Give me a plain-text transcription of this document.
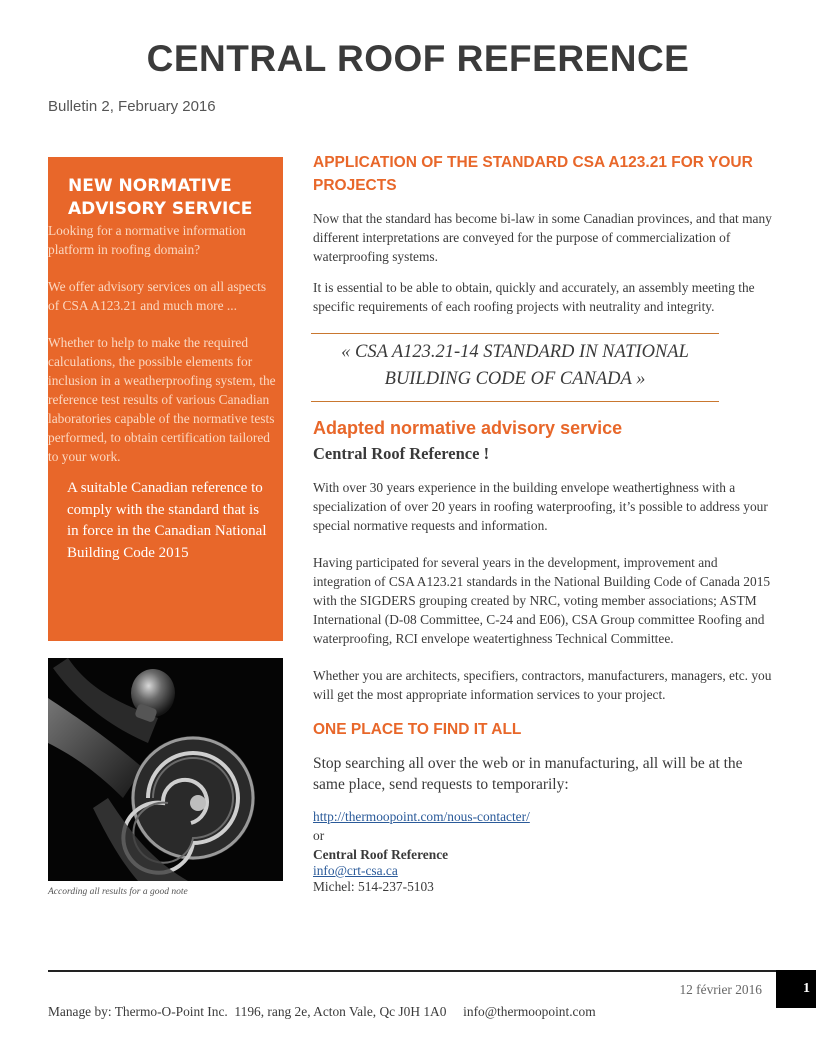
CENTRAL ROOF REFERENCE
Bulletin 2, February 2016
NEW NORMATIVE
ADVISORY SERVICE

Looking for a normative information platform in roofing domain?

We offer advisory services on all aspects of CSA A123.21 and much more ...

Whether to help to make the required calculations, the possible elements for inclusion in a weatherproofing system, the reference test results of various Canadian laboratories capable of the normative tests performed, to obtain certification tailored to your work.

A suitable Canadian reference to comply with the standard that is in force in the Canadian National Building Code 2015
According all results for a good note
APPLICATION OF THE STANDARD CSA A123.21 FOR YOUR PROJECTS

Now that the standard has become bi-law in some Canadian provinces, and that many different interpretations are conveyed for the purpose of commercialization of waterproofing systems.

It is essential to be able to obtain, quickly and accurately, an assembly meeting the specific requirements of each roofing projects with neutrality and integrity.

« CSA A123.21-14 STANDARD IN NATIONAL
BUILDING CODE OF CANADA »
Adapted normative advisory service
Central Roof Reference !

With over 30 years experience in the building envelope weathertighness with a specialization of over 20 years in roofing waterproofing, it’s possible to address your special normative requests and information.

Having participated for several years in the development, improvement and integration of CSA A123.21 standards in the National Building Code of Canada 2015 with the SIGDERS grouping created by NRC, voting member associations; ASTM International (D-08 Committee, C-24 and E06), CSA Group committee Roofing and waterproofing, RCI envelope weatertighness Technical Committee.

Whether you are architects, specifiers, contractors, manufacturers, managers, etc. you will get the most appropriate information services to your project.

ONE PLACE TO FIND IT ALL

Stop searching all over the web or in manufacturing, all will be at the same place, send requests to temporarily:

http://thermoopoint.com/nous-contacter/

or

Central Roof Reference

info@crt-csa.ca

Michel: 514-237-5103

12 février 2016	1
Manage by: Thermo-O-Point Inc.  1196, rang 2e, Acton Vale, Qc J0H 1A0     info@thermoopoint.com
